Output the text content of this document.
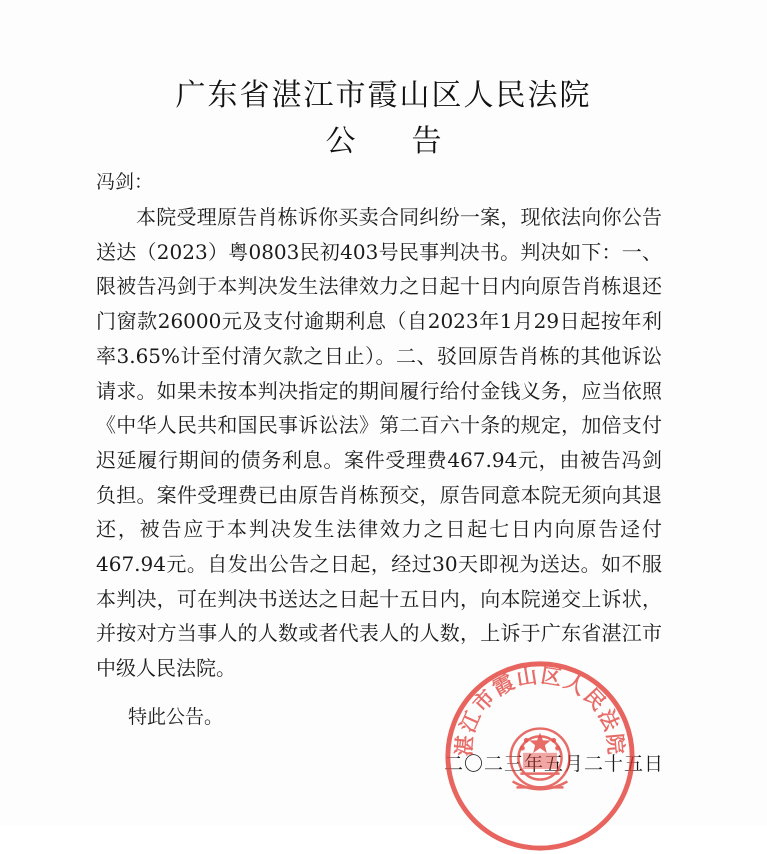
广东省湛江市霞山区人民法院
公 告
冯剑：

本院受理原告肖栋诉你买卖合同纠纷一案，现依法向你公告送达（2023）粤0803民初403号民事判决书。判决如下：一、限被告冯剑于本判决发生法律效力之日起十日内向原告肖栋退还门窗款26000元及支付逾期利息（自2023年1月29日起按年利率3.65%计至付清欠款之日止）。二、驳回原告肖栋的其他诉讼请求。如果未按本判决指定的期间履行给付金钱义务，应当依照《中华人民共和国民事诉讼法》第二百六十条的规定，加倍支付迟延履行期间的债务利息。案件受理费467.94元，由被告冯剑负担。案件受理费已由原告肖栋预交，原告同意本院无须向其退还，被告应于本判决发生法律效力之日起七日内向原告迳付467.94元。自发出公告之日起，经过30天即视为送达。如不服本判决，可在判决书送达之日起十五日内，向本院递交上诉状，并按对方当事人的人数或者代表人的人数，上诉于广东省湛江市中级人民法院。

特此公告。
二〇二三年五月二十五日
湛江市霞山区人民法院
